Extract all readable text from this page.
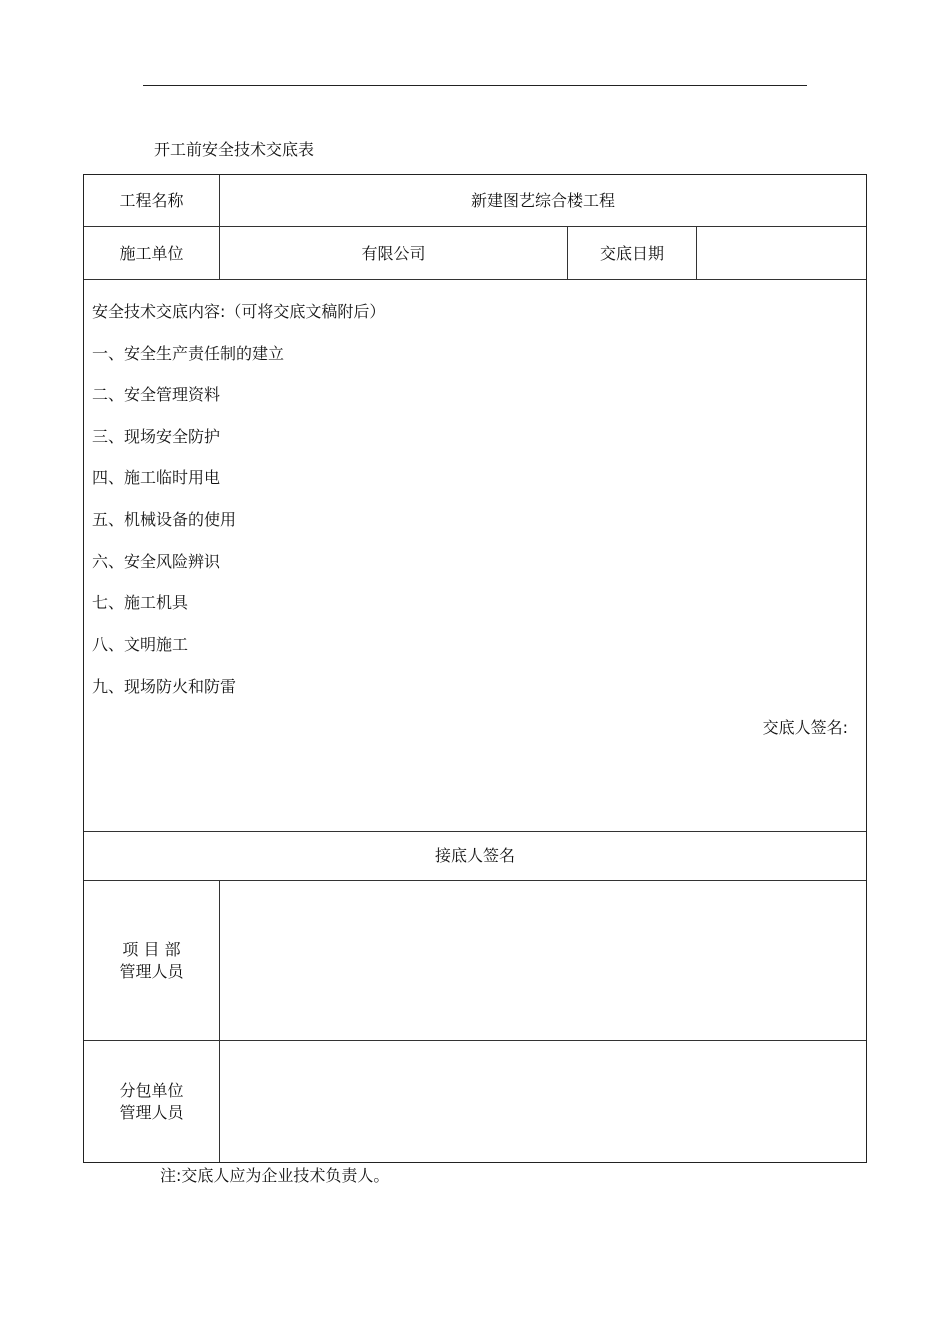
开工前安全技术交底表
工程名称	新建图艺综合楼工程
施工单位	有限公司	交底日期
安全技术交底内容:（可将交底文稿附后）
一、安全生产责任制的建立
二、安全管理资料
三、现场安全防护
四、施工临时用电
五、机械设备的使用
六、安全风险辨识
七、施工机具
八、文明施工
九、现场防火和防雷
交底人签名:
接底人签名
项 目 部
管理人员
分包单位
管理人员
注:交底人应为企业技术负责人。
